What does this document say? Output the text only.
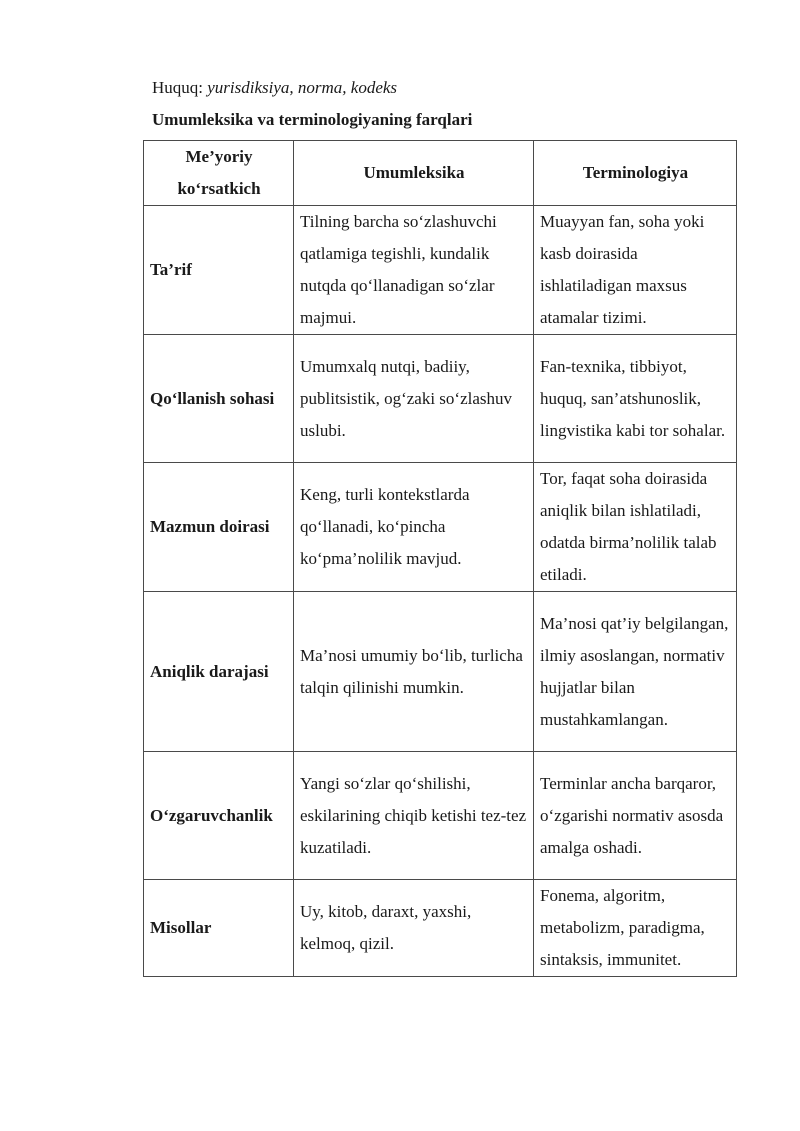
Huquq: yurisdiksiya, norma, kodeks
Umumleksika va terminologiyaning farqlari
Me’yoriy ko‘rsatkich	Umumleksika	Terminologiya
Ta’rif	Tilning barcha so‘zlashuvchi qatlamiga tegishli, kundalik nutqda qo‘llanadigan so‘zlar majmui.	Muayyan fan, soha yoki kasb doirasida ishlatiladigan maxsus atamalar tizimi.
Qo‘llanish sohasi	Umumxalq nutqi, badiiy, publitsistik, og‘zaki so‘zlashuv uslubi.	Fan-texnika, tibbiyot, huquq, san’atshunoslik, lingvistika kabi tor sohalar.
Mazmun doirasi	Keng, turli kontekstlarda qo‘llanadi, ko‘pincha ko‘pma’nolilik mavjud.	Tor, faqat soha doirasida aniqlik bilan ishlatiladi, odatda birma’nolilik talab etiladi.
Aniqlik darajasi	Ma’nosi umumiy bo‘lib, turlicha talqin qilinishi mumkin.	Ma’nosi qat’iy belgilangan, ilmiy asoslangan, normativ hujjatlar bilan mustahkamlangan.
O‘zgaruvchanlik	Yangi so‘zlar qo‘shilishi, eskilarining chiqib ketishi tez-tez kuzatiladi.	Terminlar ancha barqaror, o‘zgarishi normativ asosda amalga oshadi.
Misollar	Uy, kitob, daraxt, yaxshi, kelmoq, qizil.	Fonema, algoritm, metabolizm, paradigma, sintaksis, immunitet.
